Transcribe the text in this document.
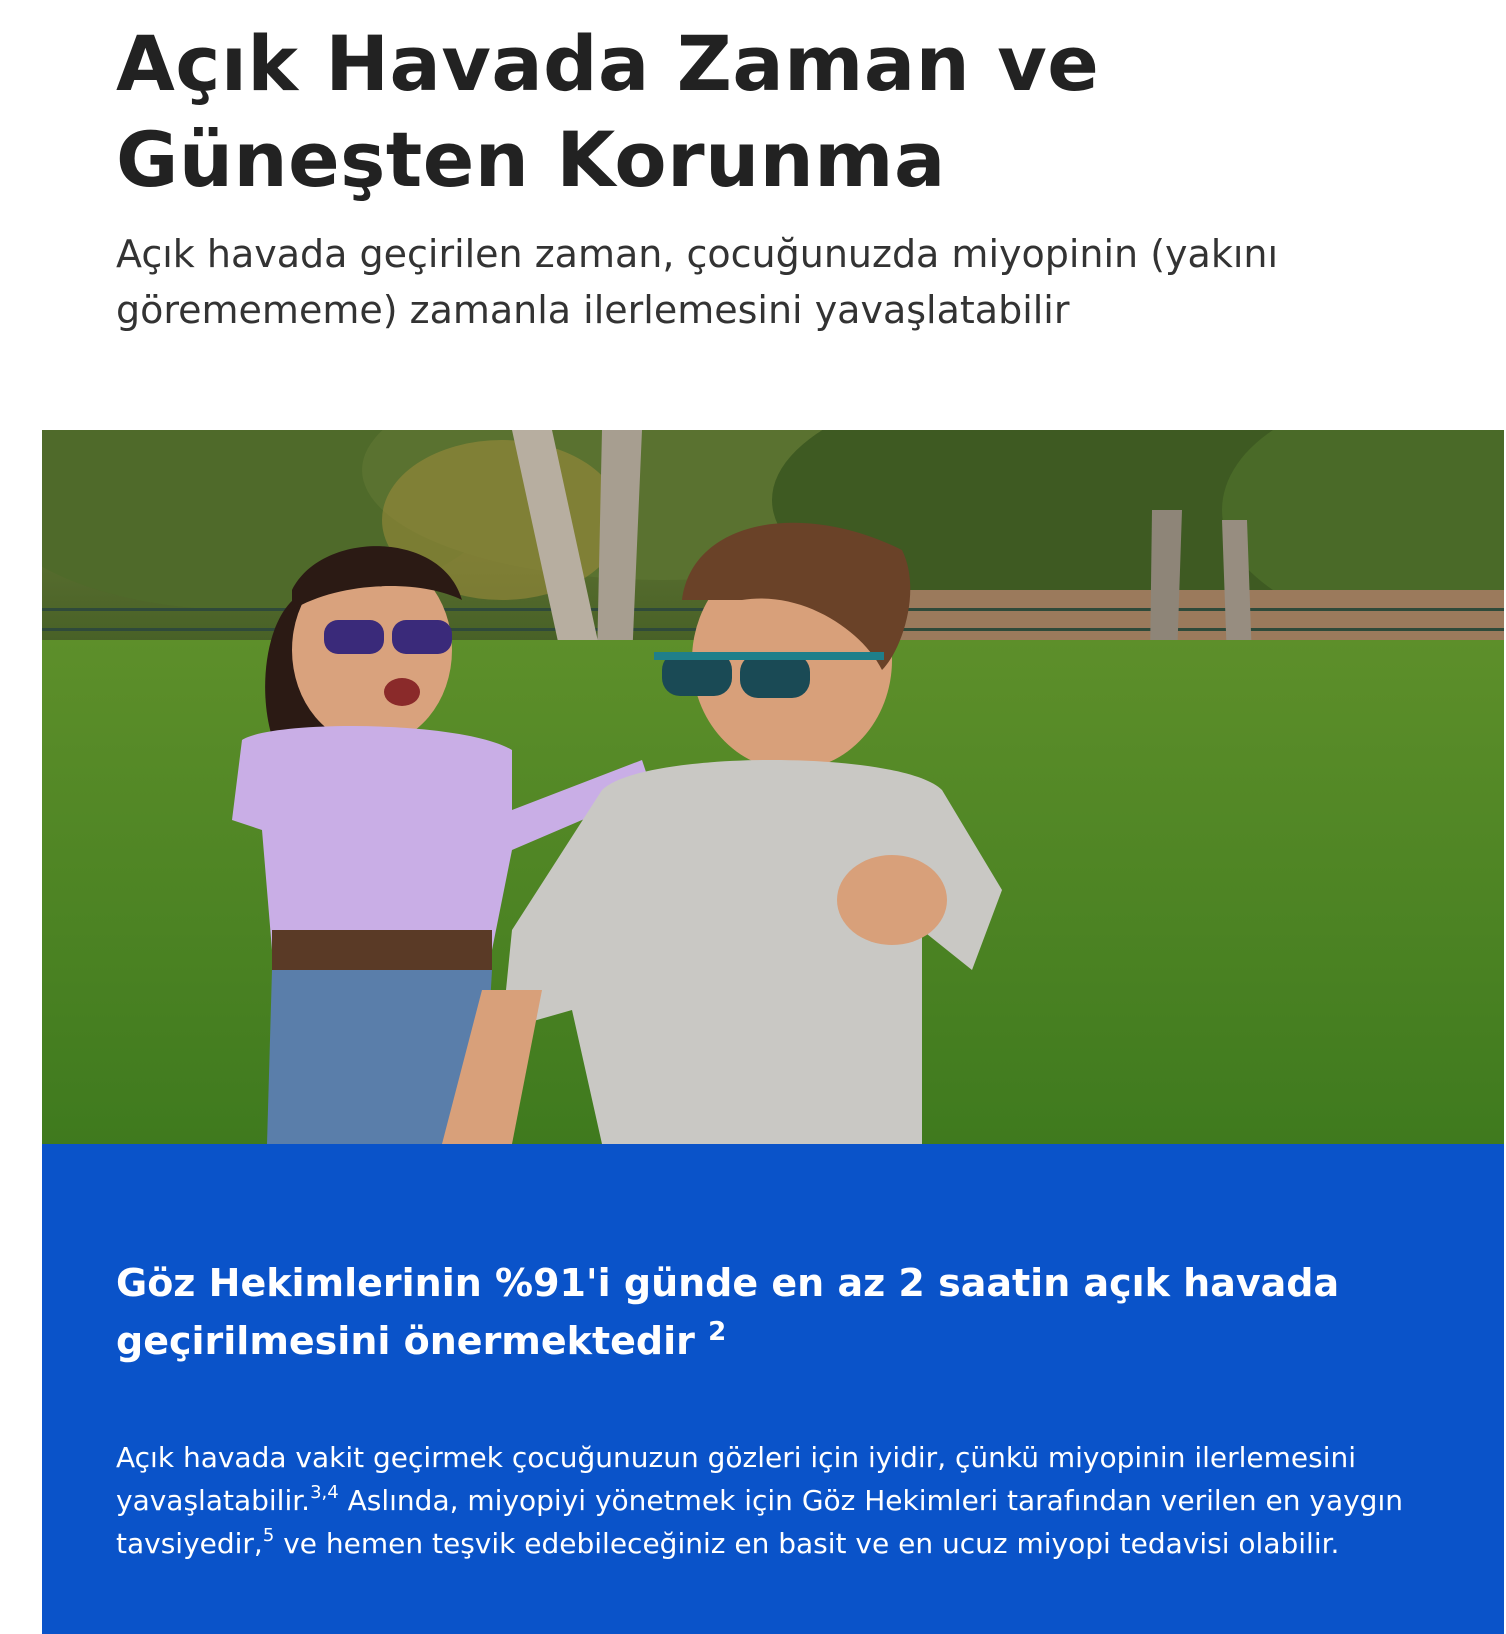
Açık Havada Zaman ve
Güneşten Korunma

Açık havada geçirilen zaman, çocuğunuzda miyopinin (yakını göremememe) zamanla ilerlemesini yavaşlatabilir

Göz Hekimlerinin %91'i günde en az 2 saatin açık havada geçirilmesini önermektedir $^2$

Açık havada vakit geçirmek çocuğunuzun gözleri için iyidir, çünkü miyopinin ilerlemesini yavaşlatabilir.$^{3,4}$ Aslında, miyopiyi yönetmek için Göz Hekimleri tarafından verilen en yaygın tavsiyedir,$^5$ ve hemen teşvik edebileceğiniz en basit ve en ucuz miyopi tedavisi olabilir.
